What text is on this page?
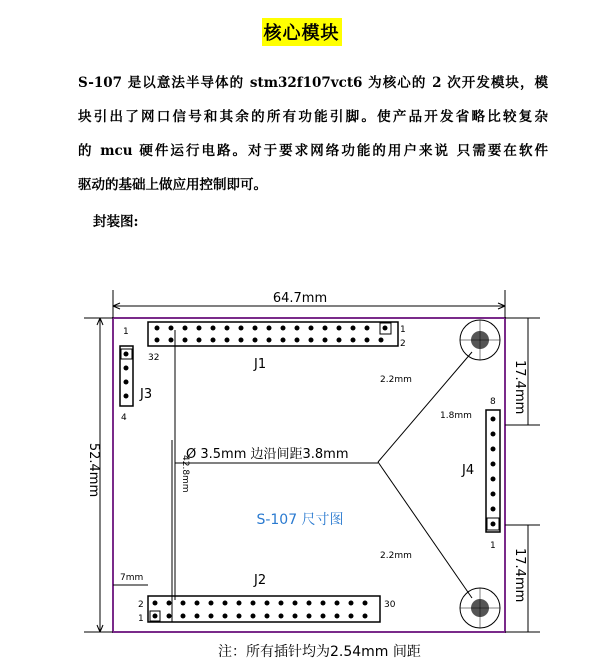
核心模块
S-107 是以意法半导体的 stm32f107vct6 为核心的 2 次开发模块，模
块引出了网口信号和其余的所有功能引脚。使产品开发省略比较复杂
的 mcu 硬件运行电路。对于要求网络功能的用户来说 只需要在软件
驱动的基础上做应用控制即可。
封装图:
64.7mm
52.4mm
17.4mm
17.4mm
42.8mm
1
32
1
2
J1
J3
4
2.2mm
2.2mm
Ø 3.5mm 边沿间距3.8mm
8
1
1.8mm
J4
S-107 尺寸图
2
1
30
J2
7mm
注：所有插针均为2.54mm 间距
